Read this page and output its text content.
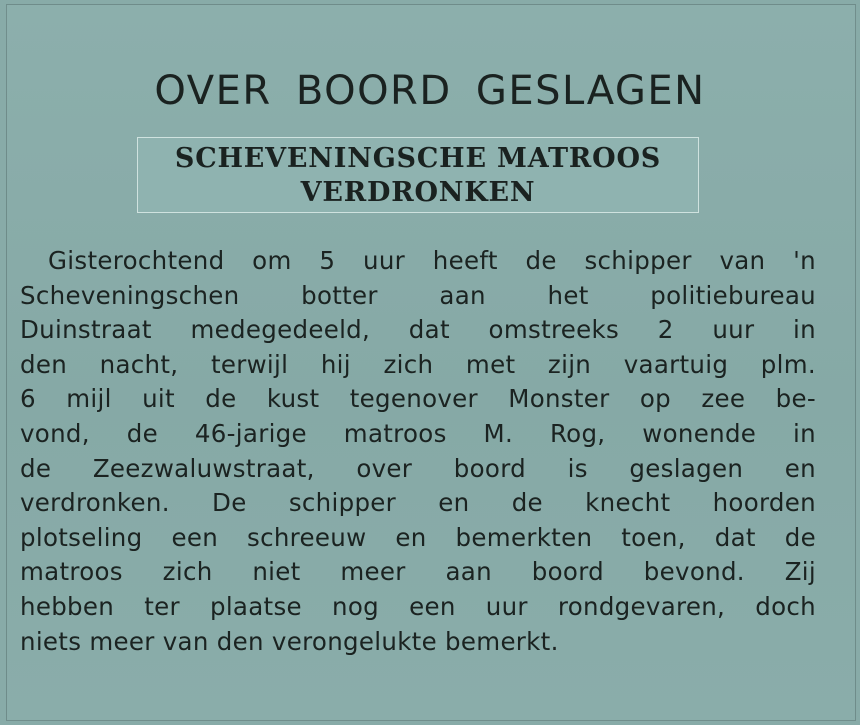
OVER BOORD GESLAGEN
SCHEVENINGSCHE MATROOS
VERDRONKEN
Gisterochtend om 5 uur heeft de schipper van 'n
Scheveningschen botter aan het politiebureau
Duinstraat medegedeeld, dat omstreeks 2 uur in
den nacht, terwijl hij zich met zijn vaartuig plm.
6 mijl uit de kust tegenover Monster op zee be-
vond, de 46-jarige matroos M. Rog, wonende in
de Zeezwaluwstraat, over boord is geslagen en
verdronken. De schipper en de knecht hoorden
plotseling een schreeuw en bemerkten toen, dat de
matroos zich niet meer aan boord bevond. Zij
hebben ter plaatse nog een uur rondgevaren, doch
niets meer van den verongelukte bemerkt.
